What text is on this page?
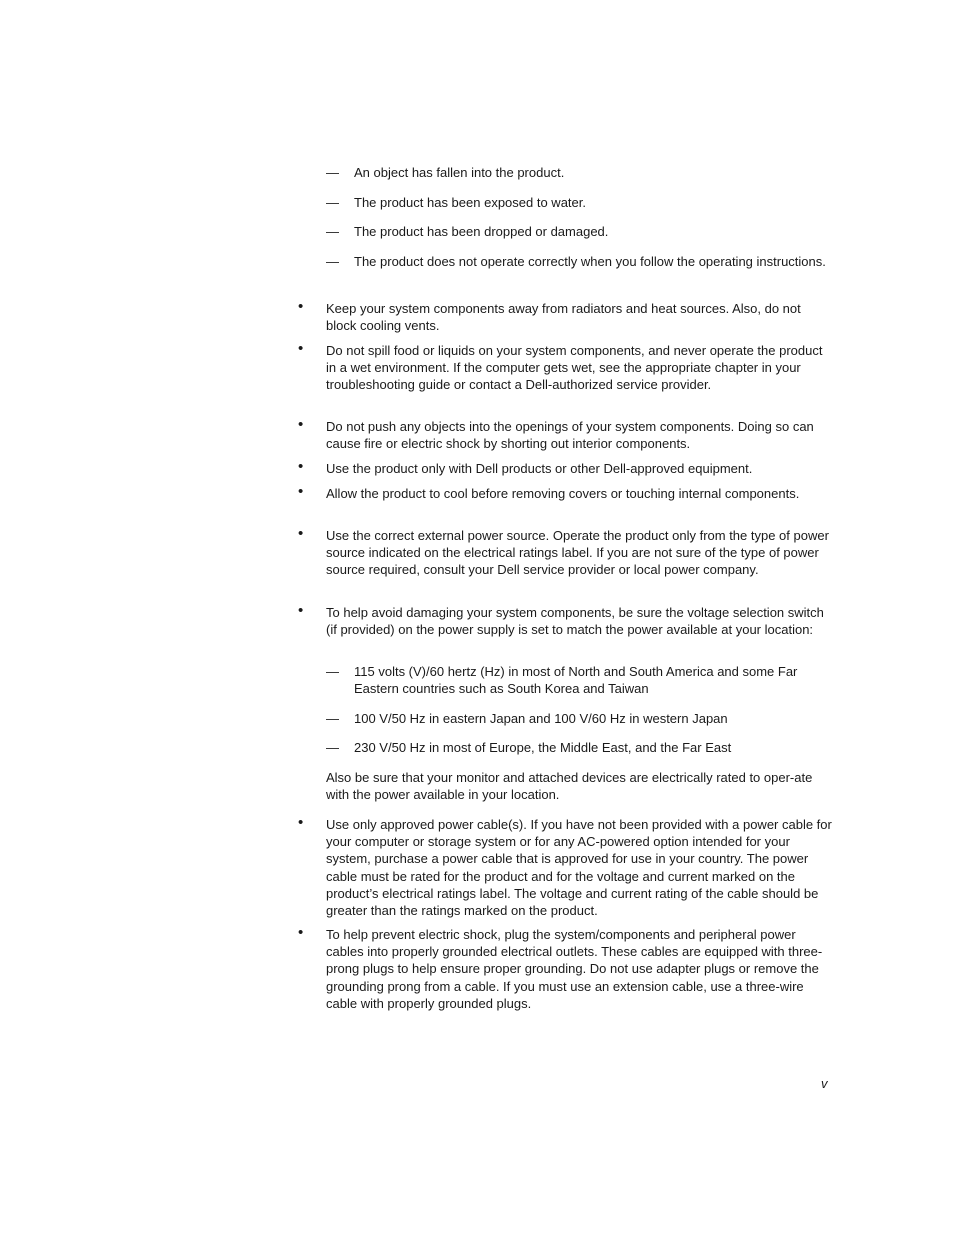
— An object has fallen into the product.
— The product has been exposed to water.
— The product has been dropped or damaged.
— The product does not operate correctly when you follow the operating instructions.
• Keep your system components away from radiators and heat sources. Also, do not block cooling vents.
• Do not spill food or liquids on your system components, and never operate the product in a wet environment. If the computer gets wet, see the appropriate chapter in your troubleshooting guide or contact a Dell-authorized service provider.
• Do not push any objects into the openings of your system components. Doing so can cause fire or electric shock by shorting out interior components.
• Use the product only with Dell products or other Dell-approved equipment.
• Allow the product to cool before removing covers or touching internal components.
• Use the correct external power source. Operate the product only from the type of power source indicated on the electrical ratings label. If you are not sure of the type of power source required, consult your Dell service provider or local power company.
• To help avoid damaging your system components, be sure the voltage selection switch (if provided) on the power supply is set to match the power available at your location:
— 115 volts (V)/60 hertz (Hz) in most of North and South America and some Far Eastern countries such as South Korea and Taiwan
— 100 V/50 Hz in eastern Japan and 100 V/60 Hz in western Japan
— 230 V/50 Hz in most of Europe, the Middle East, and the Far East
Also be sure that your monitor and attached devices are electrically rated to oper-ate with the power available in your location.
• Use only approved power cable(s). If you have not been provided with a power cable for your computer or storage system or for any AC-powered option intended for your system, purchase a power cable that is approved for use in your country. The power cable must be rated for the product and for the voltage and current marked on the product’s electrical ratings label. The voltage and current rating of the cable should be greater than the ratings marked on the product.
• To help prevent electric shock, plug the system/components and peripheral power cables into properly grounded electrical outlets. These cables are equipped with three-prong plugs to help ensure proper grounding. Do not use adapter plugs or remove the grounding prong from a cable. If you must use an extension cable, use a three-wire cable with properly grounded plugs.
v
